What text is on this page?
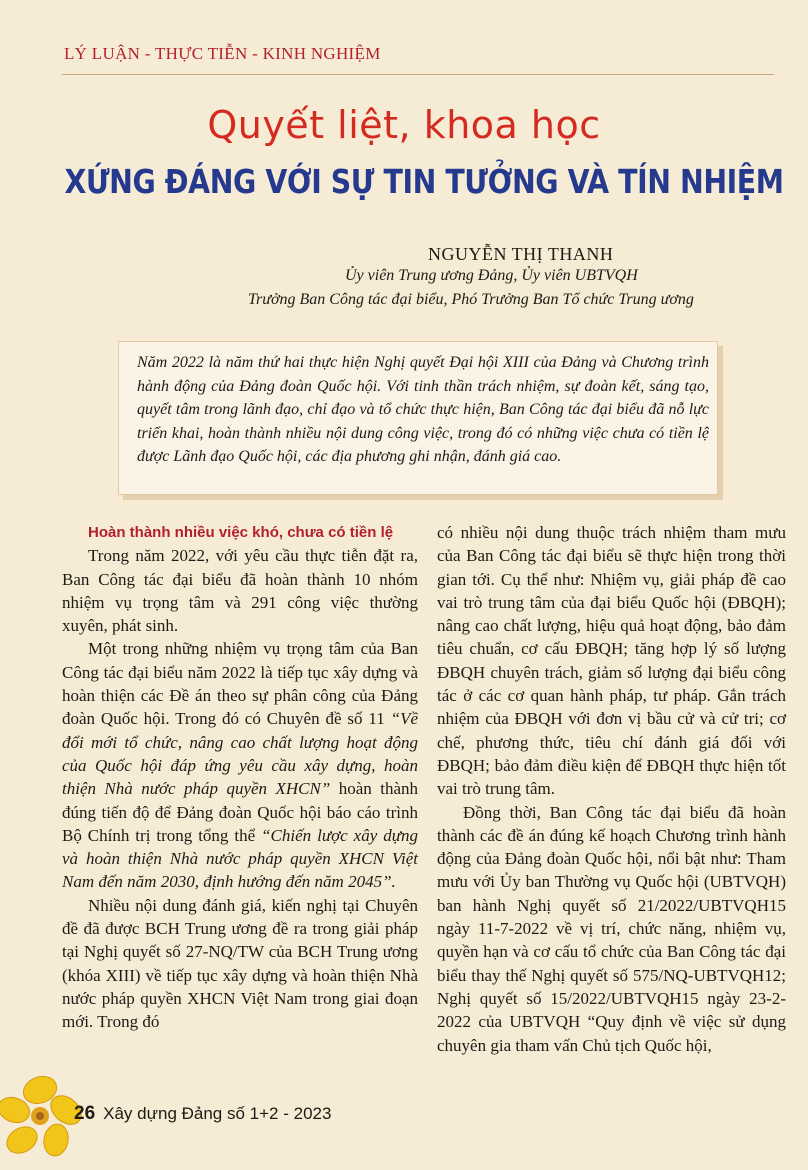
LÝ LUẬN - THỰC TIỄN - KINH NGHIỆM
Quyết liệt, khoa học
XỨNG ĐÁNG VỚI SỰ TIN TƯỞNG VÀ TÍN NHIỆM
NGUYỄN THỊ THANH
Ủy viên Trung ương Đảng, Ủy viên UBTVQH
Trưởng Ban Công tác đại biểu, Phó Trưởng Ban Tổ chức Trung ương
Năm 2022 là năm thứ hai thực hiện Nghị quyết Đại hội XIII của Đảng và Chương trình hành động của Đảng đoàn Quốc hội. Với tinh thần trách nhiệm, sự đoàn kết, sáng tạo, quyết tâm trong lãnh đạo, chỉ đạo và tổ chức thực hiện, Ban Công tác đại biểu đã nỗ lực triển khai, hoàn thành nhiều nội dung công việc, trong đó có những việc chưa có tiền lệ được Lãnh đạo Quốc hội, các địa phương ghi nhận, đánh giá cao.

Hoàn thành nhiều việc khó, chưa có tiền lệ

Trong năm 2022, với yêu cầu thực tiễn đặt ra, Ban Công tác đại biểu đã hoàn thành 10 nhóm nhiệm vụ trọng tâm và 291 công việc thường xuyên, phát sinh.

Một trong những nhiệm vụ trọng tâm của Ban Công tác đại biểu năm 2022 là tiếp tục xây dựng và hoàn thiện các Đề án theo sự phân công của Đảng đoàn Quốc hội. Trong đó có Chuyên đề số 11 “Về đổi mới tổ chức, nâng cao chất lượng hoạt động của Quốc hội đáp ứng yêu cầu xây dựng, hoàn thiện Nhà nước pháp quyền XHCN” hoàn thành đúng tiến độ để Đảng đoàn Quốc hội báo cáo trình Bộ Chính trị trong tổng thể “Chiến lược xây dựng và hoàn thiện Nhà nước pháp quyền XHCN Việt Nam đến năm 2030, định hướng đến năm 2045”.

Nhiều nội dung đánh giá, kiến nghị tại Chuyên đề đã được BCH Trung ương đề ra trong giải pháp tại Nghị quyết số 27-NQ/TW của BCH Trung ương (khóa XIII) về tiếp tục xây dựng và hoàn thiện Nhà nước pháp quyền XHCN Việt Nam trong giai đoạn mới. Trong đó

có nhiều nội dung thuộc trách nhiệm tham mưu của Ban Công tác đại biểu sẽ thực hiện trong thời gian tới. Cụ thể như: Nhiệm vụ, giải pháp đề cao vai trò trung tâm của đại biểu Quốc hội (ĐBQH); nâng cao chất lượng, hiệu quả hoạt động, bảo đảm tiêu chuẩn, cơ cấu ĐBQH; tăng hợp lý số lượng ĐBQH chuyên trách, giảm số lượng đại biểu công tác ở các cơ quan hành pháp, tư pháp. Gắn trách nhiệm của ĐBQH với đơn vị bầu cử và cử tri; cơ chế, phương thức, tiêu chí đánh giá đối với ĐBQH; bảo đảm điều kiện để ĐBQH thực hiện tốt vai trò trung tâm.

Đồng thời, Ban Công tác đại biểu đã hoàn thành các đề án đúng kế hoạch Chương trình hành động của Đảng đoàn Quốc hội, nổi bật như: Tham mưu với Ủy ban Thường vụ Quốc hội (UBTVQH) ban hành Nghị quyết số 21/2022/UBTVQH15 ngày 11-7-2022 về vị trí, chức năng, nhiệm vụ, quyền hạn và cơ cấu tổ chức của Ban Công tác đại biểu thay thế Nghị quyết số 575/NQ-UBTVQH12; Nghị quyết số 15/2022/UBTVQH15 ngày 23-2-2022 của UBTVQH “Quy định về việc sử dụng chuyên gia tham vấn Chủ tịch Quốc hội,

26 Xây dựng Đảng số 1+2 - 2023
